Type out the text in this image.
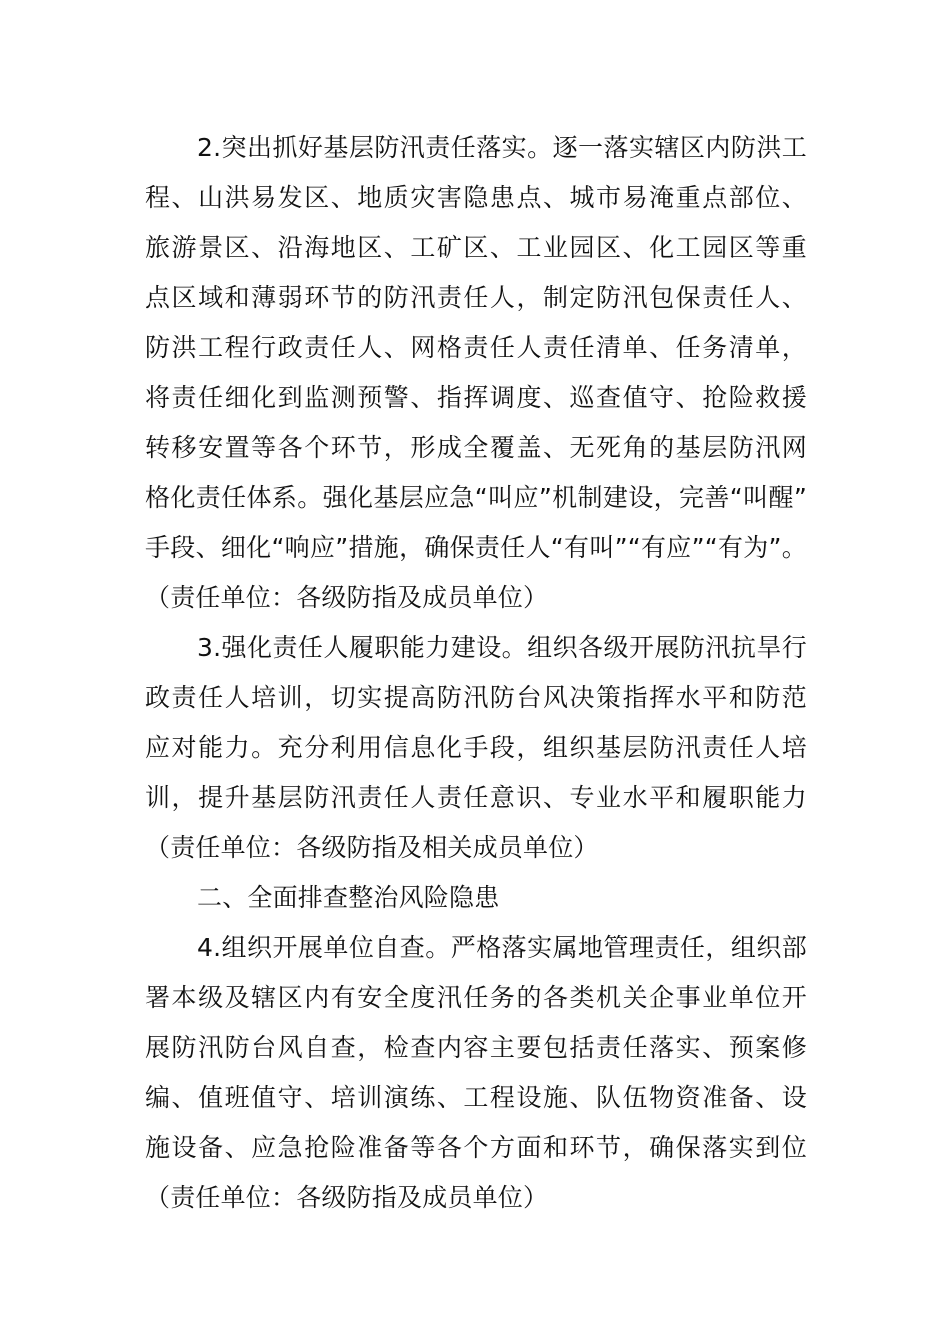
2.突出抓好基层防汛责任落实。逐一落实辖区内防洪工
程、山洪易发区、地质灾害隐患点、城市易淹重点部位、
旅游景区、沿海地区、工矿区、工业园区、化工园区等重
点区域和薄弱环节的防汛责任人，制定防汛包保责任人、
防洪工程行政责任人、网格责任人责任清单、任务清单，
将责任细化到监测预警、指挥调度、巡查值守、抢险救援
转移安置等各个环节，形成全覆盖、无死角的基层防汛网
格化责任体系。强化基层应急“叫应”机制建设，完善“叫醒”
手段、细化“响应”措施，确保责任人“有叫”“有应”“有为”。
（责任单位：各级防指及成员单位）
3.强化责任人履职能力建设。组织各级开展防汛抗旱行
政责任人培训，切实提高防汛防台风决策指挥水平和防范
应对能力。充分利用信息化手段，组织基层防汛责任人培
训，提升基层防汛责任人责任意识、专业水平和履职能力
（责任单位：各级防指及相关成员单位）
二、全面排查整治风险隐患
4.组织开展单位自查。严格落实属地管理责任，组织部
署本级及辖区内有安全度汛任务的各类机关企事业单位开
展防汛防台风自查，检查内容主要包括责任落实、预案修
编、值班值守、培训演练、工程设施、队伍物资准备、设
施设备、应急抢险准备等各个方面和环节，确保落实到位
（责任单位：各级防指及成员单位）
